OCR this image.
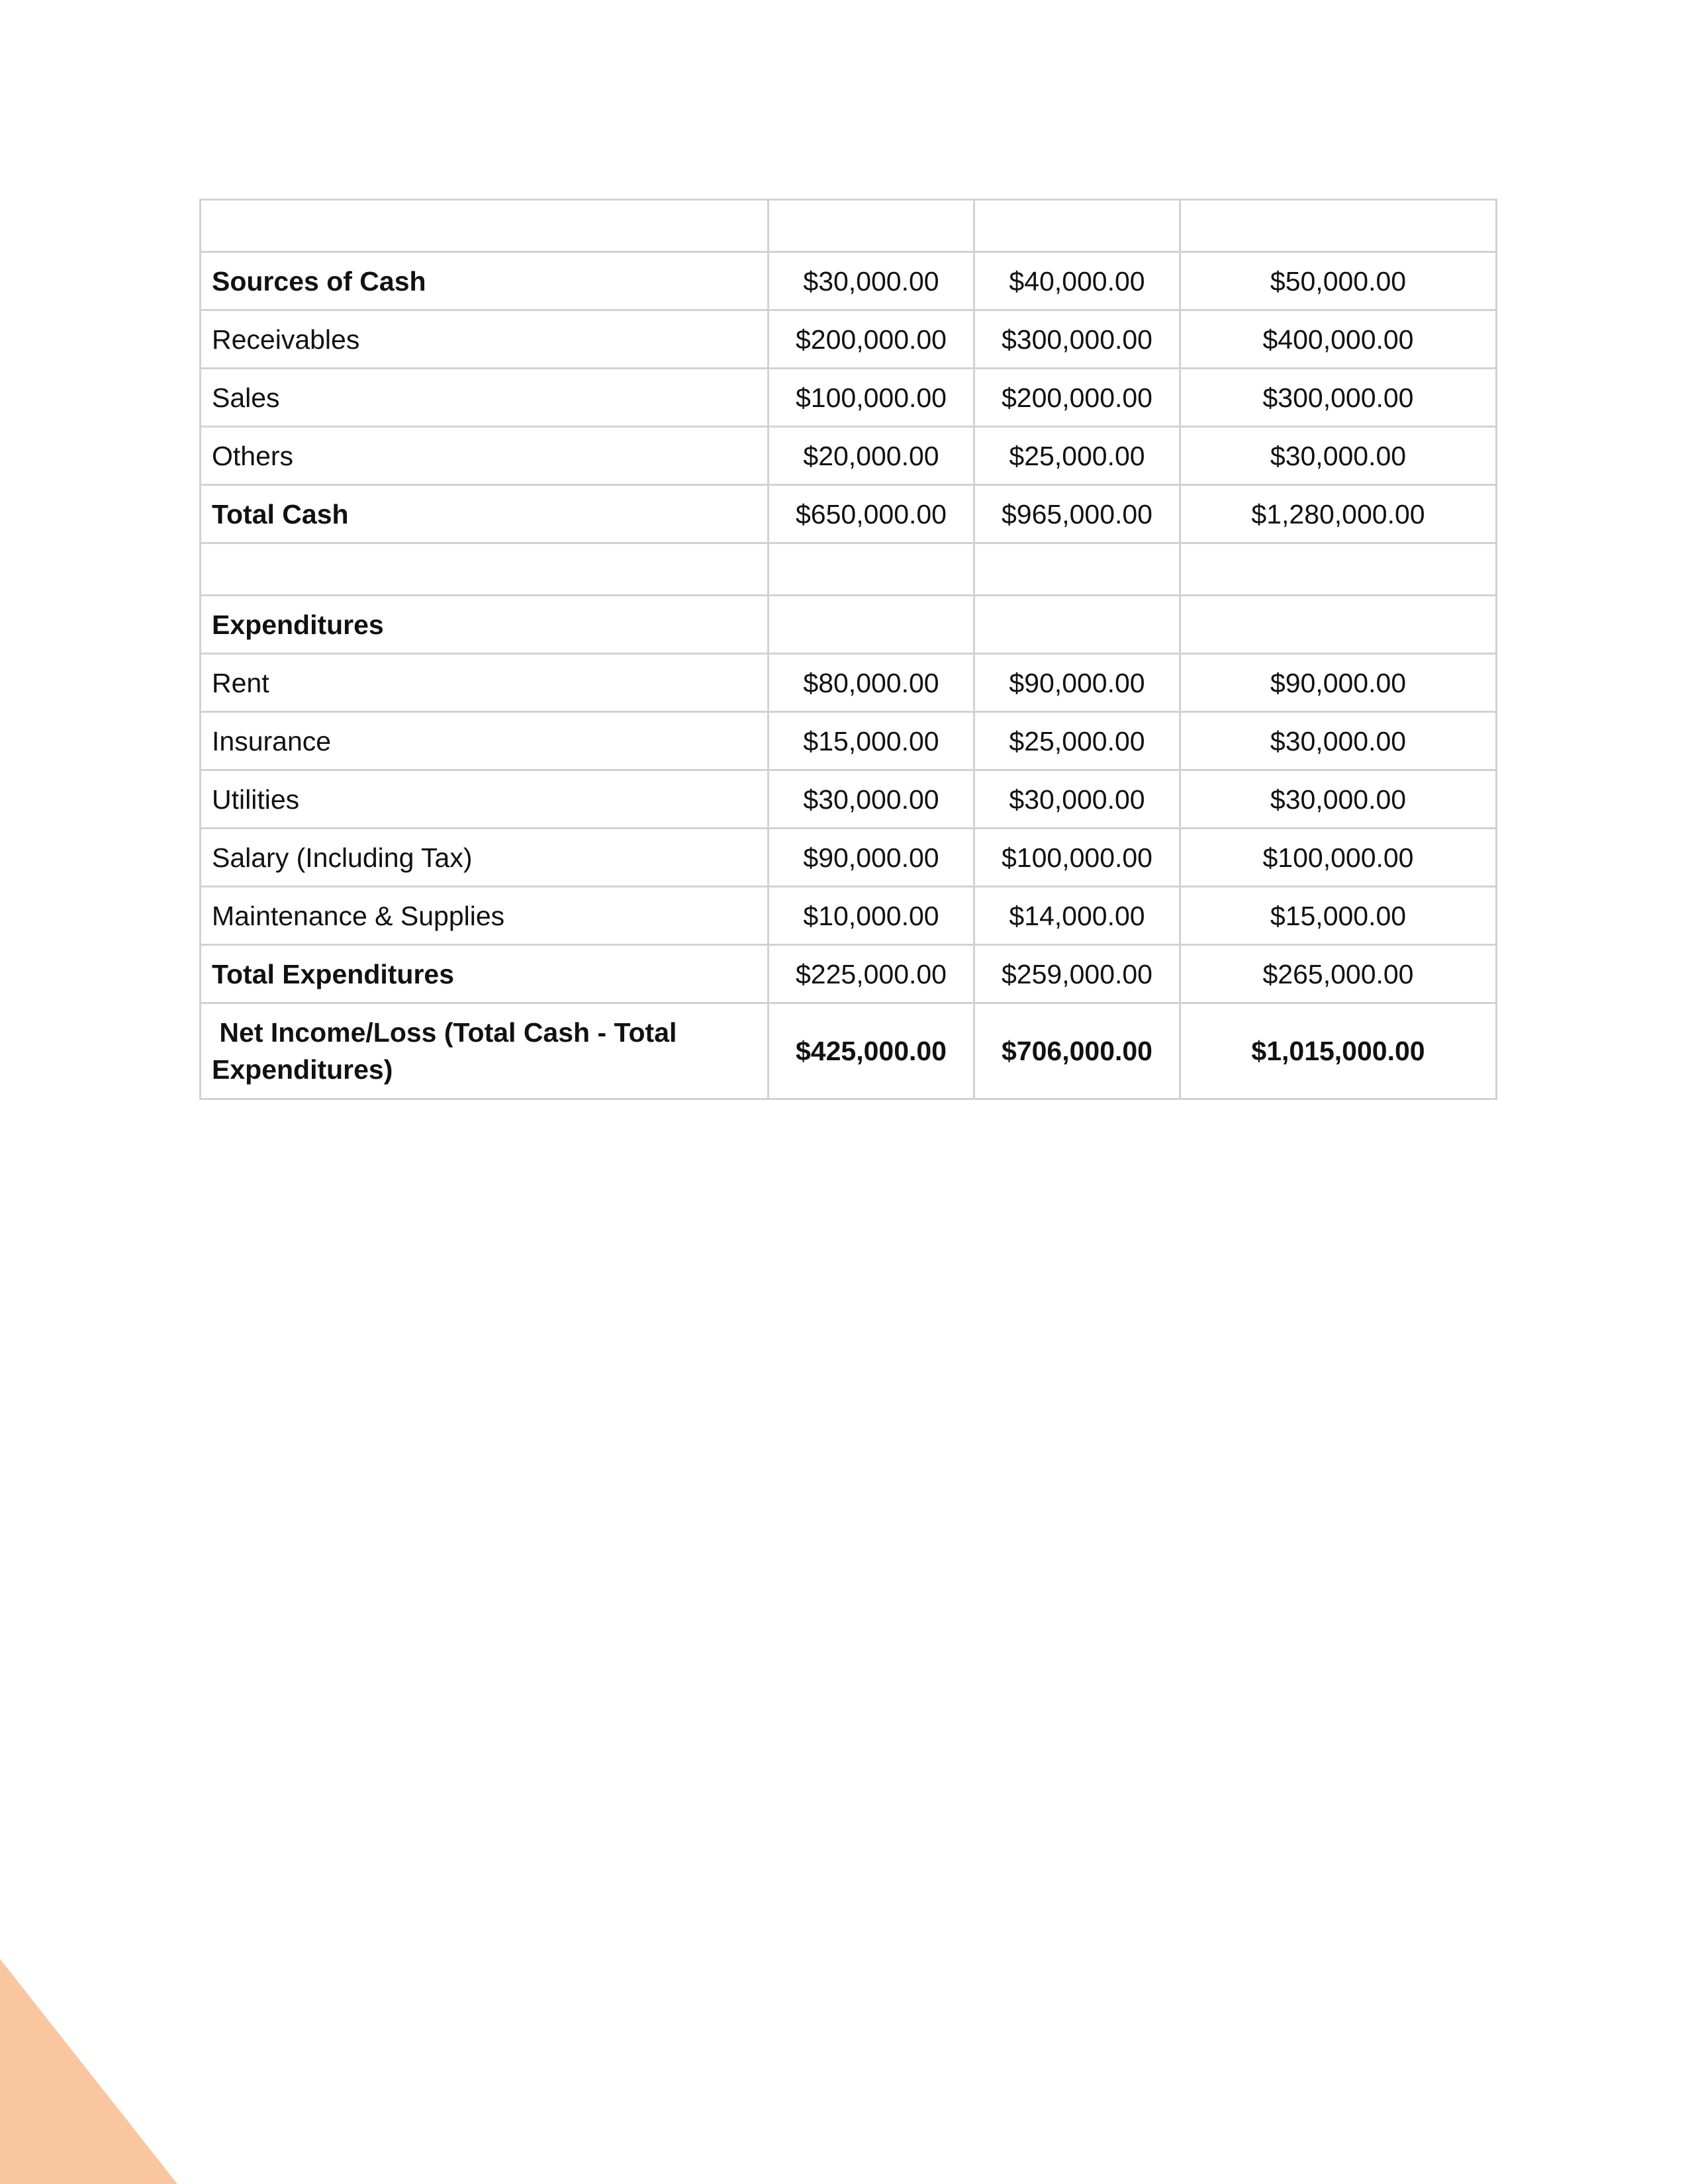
Sources of Cash	$30,000.00	$40,000.00	$50,000.00
Receivables	$200,000.00	$300,000.00	$400,000.00
Sales	$100,000.00	$200,000.00	$300,000.00
Others	$20,000.00	$25,000.00	$30,000.00
Total Cash	$650,000.00	$965,000.00	$1,280,000.00

Expenditures			
Rent	$80,000.00	$90,000.00	$90,000.00
Insurance	$15,000.00	$25,000.00	$30,000.00
Utilities	$30,000.00	$30,000.00	$30,000.00
Salary (Including Tax)	$90,000.00	$100,000.00	$100,000.00
Maintenance & Supplies	$10,000.00	$14,000.00	$15,000.00
Total Expenditures	$225,000.00	$259,000.00	$265,000.00
Net Income/Loss (Total Cash - Total Expenditures)	$425,000.00	$706,000.00	$1,015,000.00
